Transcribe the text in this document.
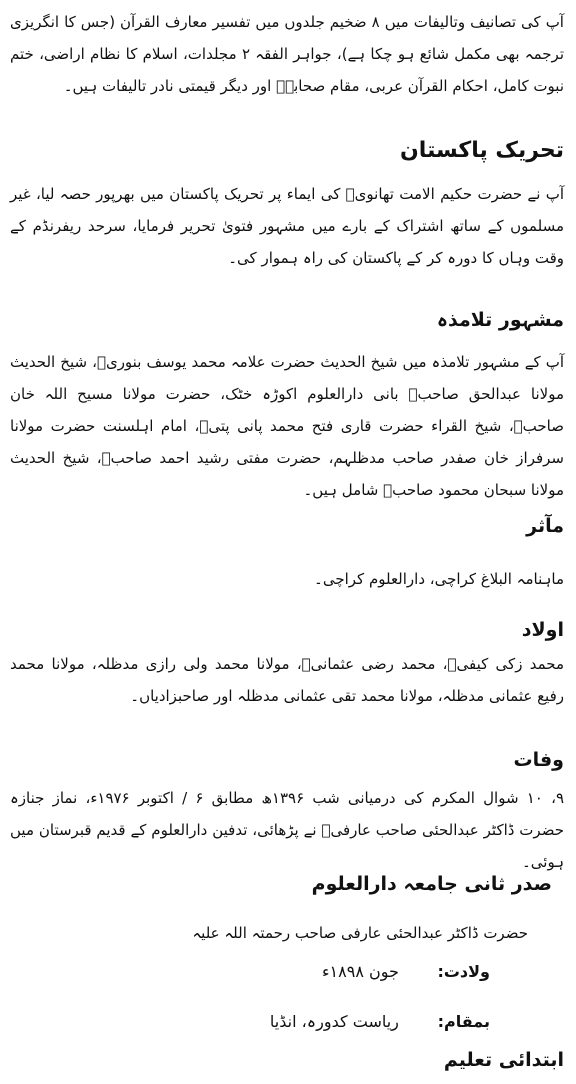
آپ کی تصانیف وتالیفات میں ۸ ضخیم جلدوں میں تفسیر معارف القرآن (جس کا انگریزی ترجمہ بھی مکمل شائع ہو چکا ہے)، جواہر الفقہ ۲ مجلدات، اسلام کا نظام اراضی، ختم نبوت کامل، احکام القرآن عربی، مقام صحابہؓ اور دیگر قیمتی نادر تالیفات ہیں۔

تحریک پاکستان

آپ نے حضرت حکیم الامت تھانویؒ کی ایماء پر تحریک پاکستان میں بھرپور حصہ لیا، غیر مسلموں کے ساتھ اشتراک کے بارے میں مشہور فتویٰ تحریر فرمایا، سرحد ریفرنڈم کے وقت وہاں کا دورہ کر کے پاکستان کی راہ ہموار کی۔

مشہور تلامذہ

آپ کے مشہور تلامذہ میں شیخ الحدیث حضرت علامہ محمد یوسف بنوریؒ، شیخ الحدیث مولانا عبدالحق صاحبؒ بانی دارالعلوم اکوڑہ خٹک، حضرت مولانا مسیح اللہ خان صاحبؒ، شیخ القراء حضرت قاری فتح محمد پانی پتیؒ، امام اہلسنت حضرت مولانا سرفراز خان صفدر صاحب مدظلہم، حضرت مفتی رشید احمد صاحبؒ، شیخ الحدیث مولانا سبحان محمود صاحبؒ شامل ہیں۔

مآثر
ماہنامہ البلاغ کراچی، دارالعلوم کراچی۔
اولاد

محمد زکی کیفیؒ، محمد رضی عثمانیؒ، مولانا محمد ولی رازی مدظلہ، مولانا محمد رفیع عثمانی مدظلہ، مولانا محمد تقی عثمانی مدظلہ اور صاحبزادیاں۔

وفات

۹، ۱۰ شوال المکرم کی درمیانی شب ۱۳۹۶ھ مطابق ۶ / اکتوبر ۱۹۷۶ء، نماز جنازہ حضرت ڈاکٹر عبدالحئی صاحب عارفیؒ نے پڑھائی، تدفین دارالعلوم کے قدیم قبرستان میں ہوئی۔

صدر ثانی جامعہ دارالعلوم
حضرت ڈاکٹر عبدالحئی عارفی صاحب رحمتہ اللہ علیہ
ولادت: جون ۱۸۹۸ء
بمقام: ریاست کدورہ، انڈیا
ابتدائی تعلیم
